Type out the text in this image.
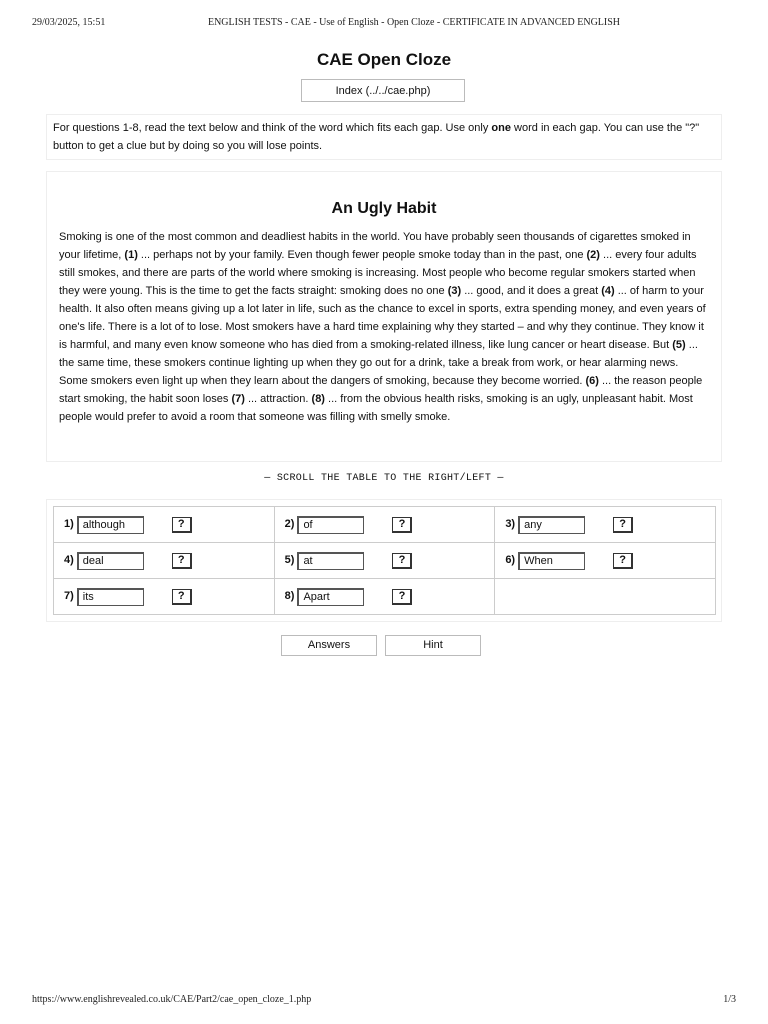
29/03/2025, 15:51	ENGLISH TESTS - CAE - Use of English - Open Cloze - CERTIFICATE IN ADVANCED ENGLISH
CAE Open Cloze
Index (../../cae.php)
For questions 1-8, read the text below and think of the word which fits each gap. Use only one word in each gap. You can use the "?" button to get a clue but by doing so you will lose points.
An Ugly Habit

Smoking is one of the most common and deadliest habits in the world. You have probably seen thousands of cigarettes smoked in your lifetime, (1) ... perhaps not by your family. Even though fewer people smoke today than in the past, one (2) ... every four adults still smokes, and there are parts of the world where smoking is increasing. Most people who become regular smokers started when they were young. This is the time to get the facts straight: smoking does no one (3) ... good, and it does a great (4) ... of harm to your health. It also often means giving up a lot later in life, such as the chance to excel in sports, extra spending money, and even years of one's life. There is a lot of to lose. Most smokers have a hard time explaining why they started – and why they continue. They know it is harmful, and many even know someone who has died from a smoking-related illness, like lung cancer or heart disease. But (5) ... the same time, these smokers continue lighting up when they go out for a drink, take a break from work, or hear alarming news. Some smokers even light up when they learn about the dangers of smoking, because they become worried. (6) ... the reason people start smoking, the habit soon loses (7) ... attraction. (8) ... from the obvious health risks, smoking is an ugly, unpleasant habit. Most people would prefer to avoid a room that someone was filling with smelly smoke.

— SCROLL THE TABLE TO THE RIGHT/LEFT —
1) although ?	2) of ?	3) any ?
4) deal ?	5) at ?	6) When ?
7) its ?	8) Apart ?	
Answers	Hint
https://www.englishrevealed.co.uk/CAE/Part2/cae_open_cloze_1.php	1/3
